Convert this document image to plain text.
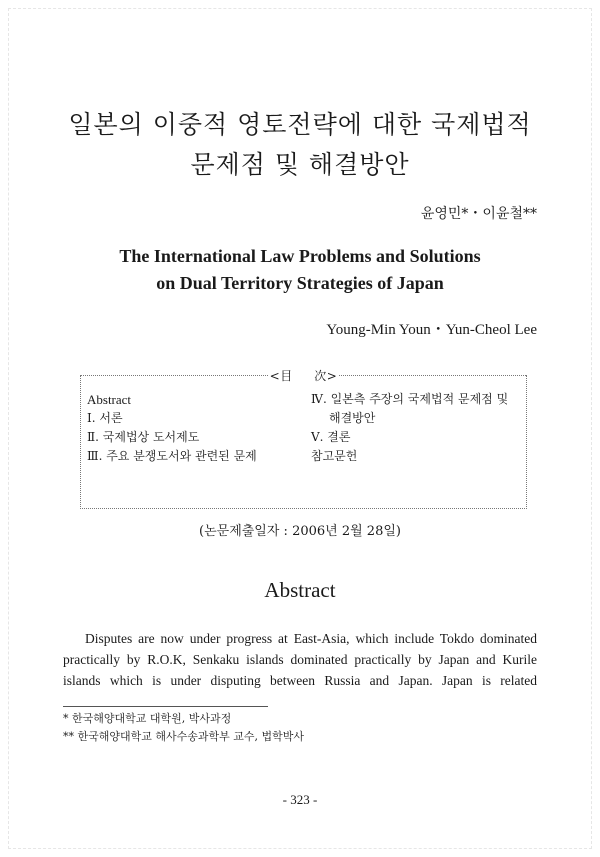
일본의 이중적 영토전략에 대한 국제법적
문제점 및 해결방안

윤영민*・이윤철**

The International Law Problems and Solutions
on Dual Territory Strategies of Japan

Young-Min Youn・Yun-Cheol Lee

<目     次>
Abstract
Ⅰ. 서론
Ⅱ. 국제법상 도서제도
Ⅲ. 주요 분쟁도서와 관련된 문제
Ⅳ. 일본측 주장의 국제법적 문제점 및
해결방안
Ⅴ. 결론
참고문헌
(논문제출일자 : 2006년 2월 28일)
Abstract

Disputes are now under progress at East-Asia, which include Tokdo dominated practically by R.O.K, Senkaku islands dominated practically by Japan and Kurile islands which is under disputing between Russia and Japan. Japan is related

* 한국해양대학교 대학원, 박사과정
** 한국해양대학교 해사수송과학부 교수, 법학박사
- 323 -
